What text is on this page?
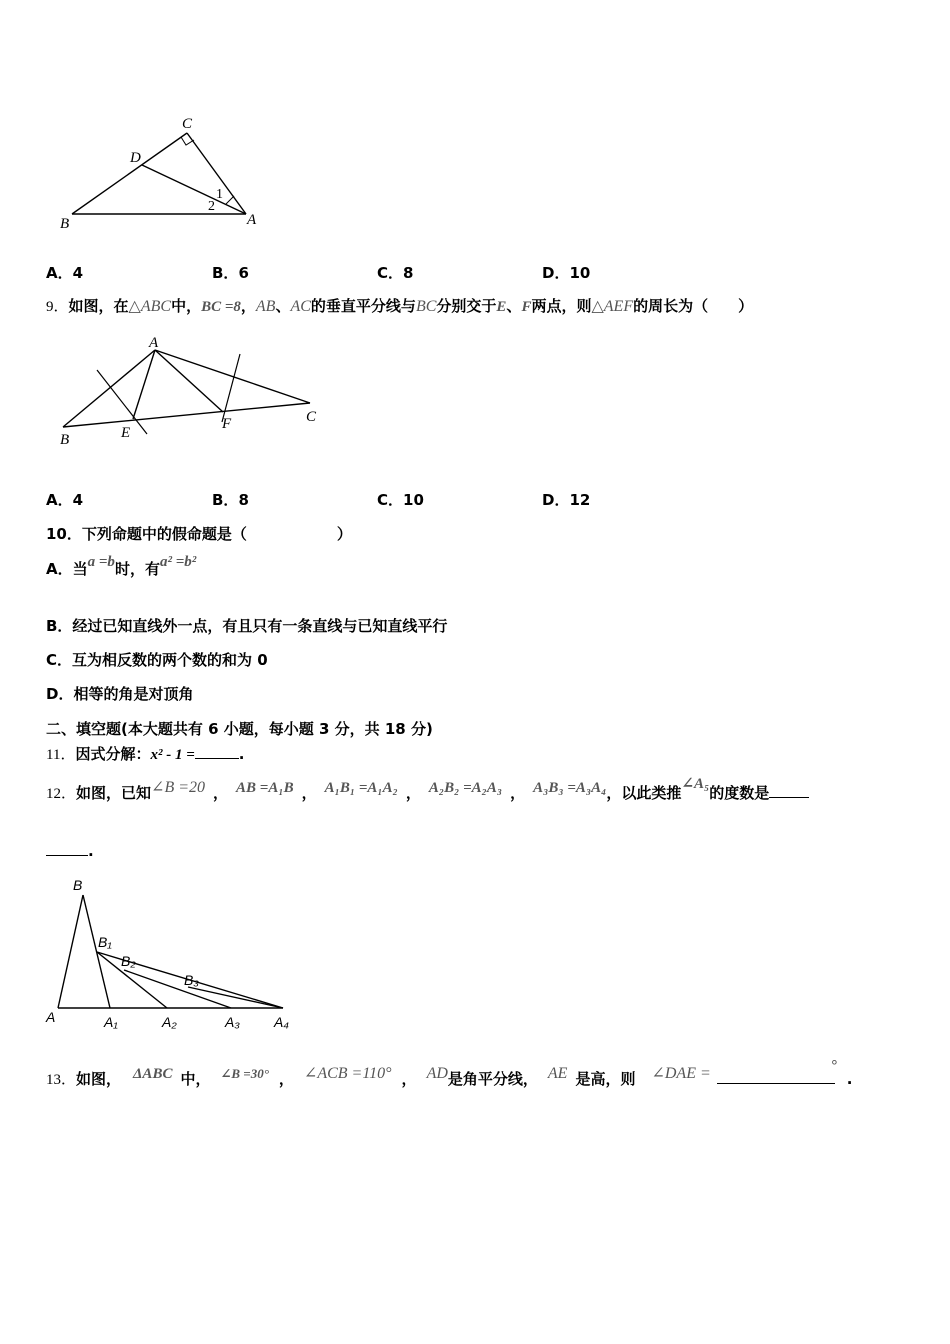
C
D
B	A
1
2
A．4	B．6	C．8	D．10
9．如图，在△ABC中，BC =8，AB、AC的垂直平分线与BC分别交于E、F两点，则△AEF的周长为（　　）
A
B	E
F	C
A．4	B．8	C．10	D．12
10．下列命题中的假命题是（　　　　　　）
A．当a =b时，有a² =b²
B．经过已知直线外一点，有且只有一条直线与已知直线平行
C．互为相反数的两个数的和为 0
D．相等的角是对顶角
二、填空题(本大题共有 6 小题，每小题 3 分，共 18 分)
11．因式分解：x² - 1 =	.
12．如图，已知∠B =20 ， AB =A₁B ， A₁B₁ =A₁A₂ ， A₂B₂ =A₂A₃ ， A₃B₃ =A₃A₄，以此类推∠A₅的度数是
.
B
A
B₁
B₂
B₃
A₁	A₂	A₃ A₄
13．如图， ΔABC 中， ∠B =30° ， ∠ACB =110° ， AD是角平分线， AE 是高，则 ∠DAE =	°.
